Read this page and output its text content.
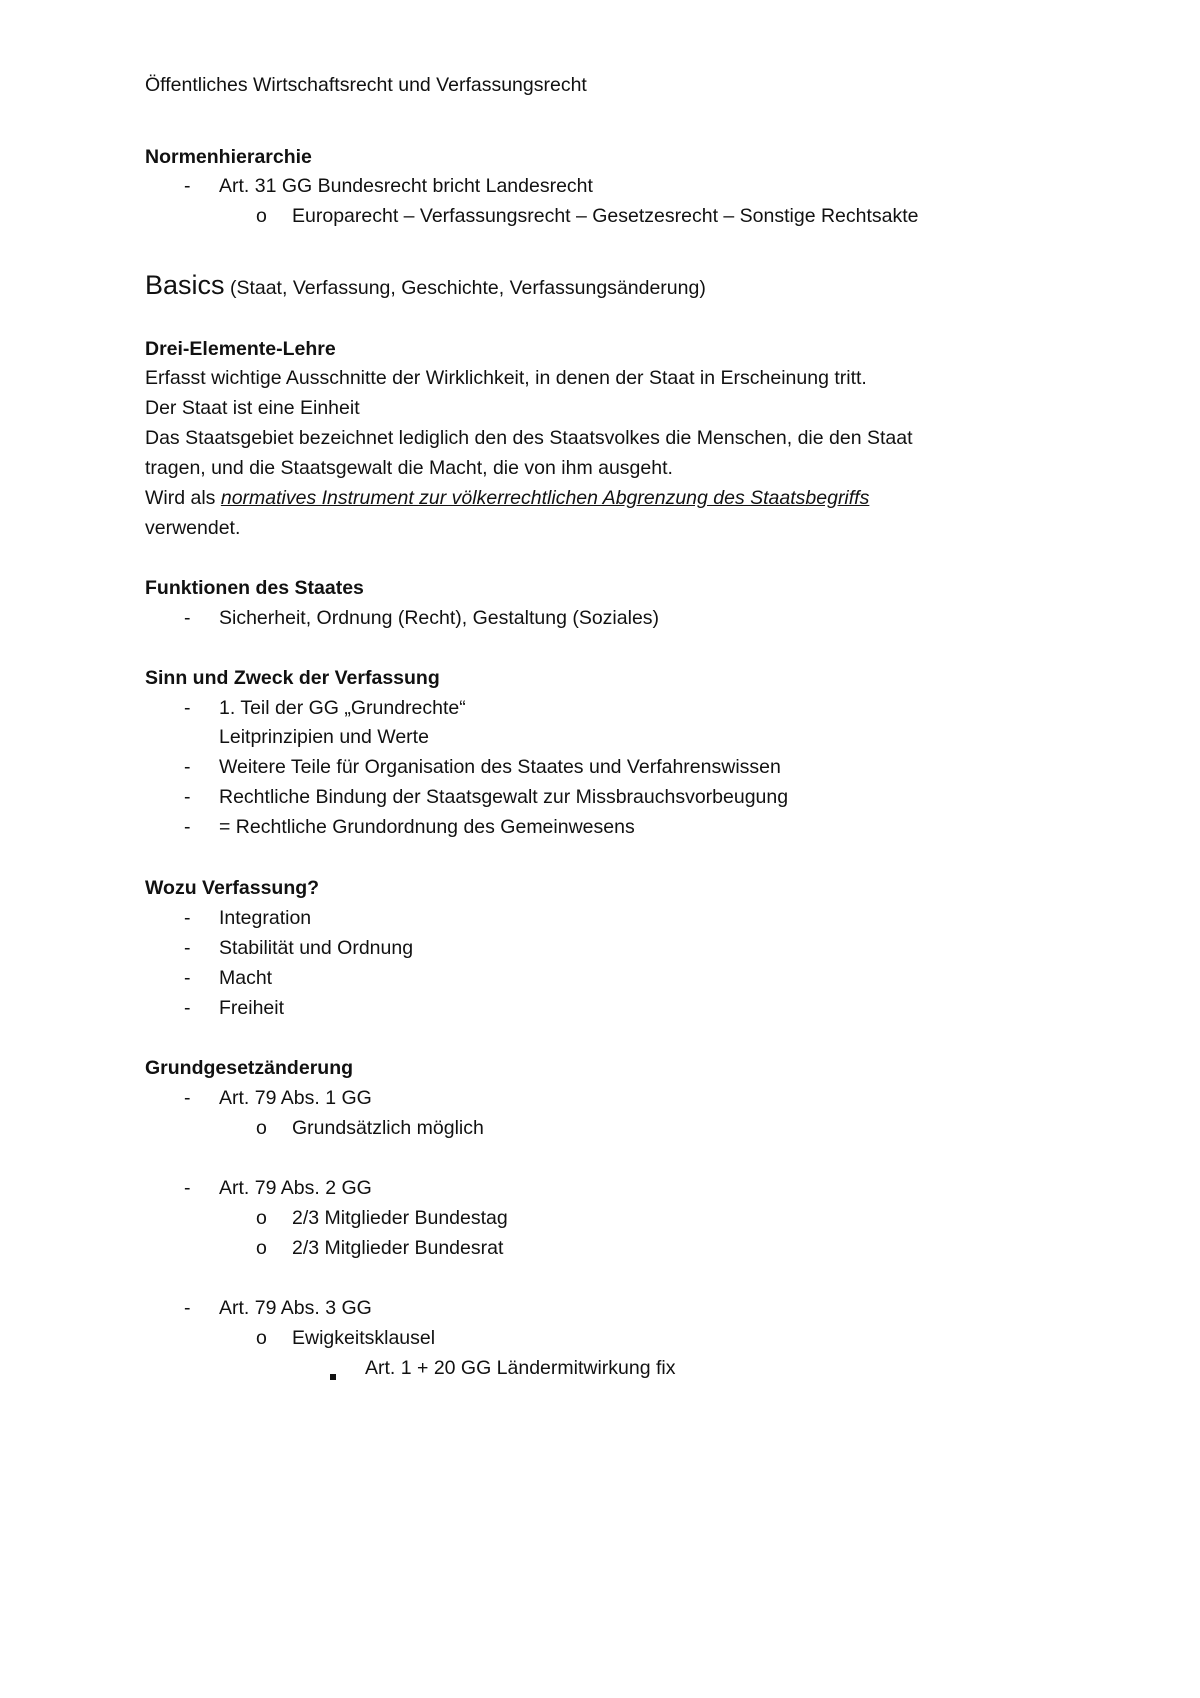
Öffentliches Wirtschaftsrecht und Verfassungsrecht
Normenhierarchie
- Art. 31 GG Bundesrecht bricht Landesrecht
o Europarecht – Verfassungsrecht – Gesetzesrecht – Sonstige Rechtsakte
Basics (Staat, Verfassung, Geschichte, Verfassungsänderung)
Drei-Elemente-Lehre
Erfasst wichtige Ausschnitte der Wirklichkeit, in denen der Staat in Erscheinung tritt.
Der Staat ist eine Einheit
Das Staatsgebiet bezeichnet lediglich den des Staatsvolkes die Menschen, die den Staat
tragen, und die Staatsgewalt die Macht, die von ihm ausgeht.
Wird als normatives Instrument zur völkerrechtlichen Abgrenzung des Staatsbegriffs
verwendet.
Funktionen des Staates
- Sicherheit, Ordnung (Recht), Gestaltung (Soziales)
Sinn und Zweck der Verfassung
- 1. Teil der GG „Grundrechte“
Leitprinzipien und Werte
- Weitere Teile für Organisation des Staates und Verfahrenswissen
- Rechtliche Bindung der Staatsgewalt zur Missbrauchsvorbeugung
- = Rechtliche Grundordnung des Gemeinwesens
Wozu Verfassung?
- Integration
- Stabilität und Ordnung
- Macht
- Freiheit
Grundgesetzänderung
- Art. 79 Abs. 1 GG
o Grundsätzlich möglich
- Art. 79 Abs. 2 GG
o 2/3 Mitglieder Bundestag
o 2/3 Mitglieder Bundesrat
- Art. 79 Abs. 3 GG
o Ewigkeitsklausel
Art. 1 + 20 GG Ländermitwirkung fix
